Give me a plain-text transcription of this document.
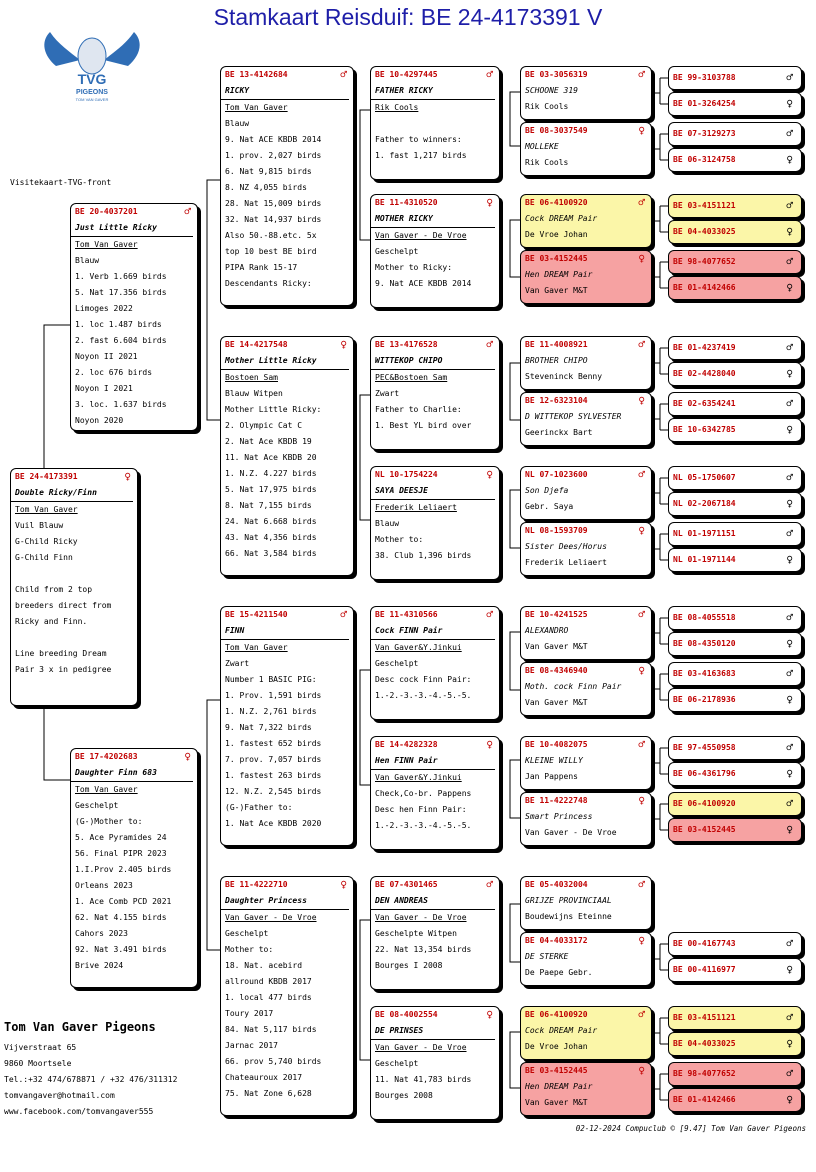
Stamkaart Reisduif: BE 24-4173391 V
TVG
PIGEONS
TOM VAN GAVER
Visitekaart-TVG-front
BE 24-4173391	♀
Double Ricky/Finn
Tom Van Gaver
Vuil Blauw
G-Child Ricky
G-Child Finn

Child from 2 top
breeders direct from
Ricky and Finn.

Line breeding Dream
Pair 3 x in pedigree
BE 20-4037201	♂
Just Little Ricky
Tom Van Gaver
Blauw
1. Verb 1.669 birds
5. Nat 17.356 birds
Limoges 2022
1. loc 1.487 birds
2. fast 6.604 birds
Noyon II 2021
2. loc 676 birds
Noyon I 2021
3. loc. 1.637 birds
Noyon 2020
BE 17-4202683	♀
Daughter Finn 683
Tom Van Gaver
Geschelpt
(G-)Mother to:
5. Ace Pyramides 24
56. Final PIPR 2023
1.I.Prov 2.405 birds
Orleans 2023
1. Ace Comb PCD 2021
62. Nat 4.155 birds
Cahors 2023
92. Nat 3.491 birds
Brive 2024
BE 13-4142684	♂
RICKY
Tom Van Gaver
Blauw
9. Nat ACE KBDB 2014
1. prov. 2,027 birds
6. Nat 9,815 birds
8. NZ 4,055 birds
28. Nat 15,009 birds
32. Nat 14,937 birds
Also 50.-88.etc. 5x
top 10 best BE bird
PIPA Rank 15-17
Descendants Ricky:
BE 14-4217548	♀
Mother Little Ricky
Bostoen Sam
Blauw Witpen
Mother Little Ricky:
2. Olympic Cat C
2. Nat Ace KBDB 19
11. Nat Ace KBDB 20
1. N.Z. 4.227 birds
5. Nat 17,975 birds
8. Nat 7,155 birds
24. Nat 6.668 birds
43. Nat 4,356 birds
66. Nat 3,584 birds
BE 15-4211540	♂
FINN
Tom Van Gaver
Zwart
Number 1 BASIC PIG:
1. Prov. 1,591 birds
1. N.Z. 2,761 birds
9. Nat 7,322 birds
1. fastest 652 birds
7. prov. 7,057 birds
1. fastest 263 birds
12. N.Z. 2,545 birds
(G-)Father to:
1. Nat Ace KBDB 2020
BE 11-4222710	♀
Daughter Princess
Van Gaver - De Vroe
Geschelpt
Mother to:
18. Nat. acebird
allround KBDB 2017
1. local 477 birds
Toury 2017
84. Nat 5,117 birds
Jarnac 2017
66. prov 5,740 birds
Chateauroux 2017
75. Nat Zone 6,628
BE 10-4297445	♂
FATHER RICKY
Rik Cools

Father to winners:
1. fast 1,217 birds
BE 11-4310520	♀
MOTHER RICKY
Van Gaver - De Vroe
Geschelpt
Mother to Ricky:
9. Nat ACE KBDB 2014
BE 13-4176528	♂
WITTEKOP CHIPO
PEC&Bostoen Sam
Zwart
Father to Charlie:
1. Best YL bird over
NL 10-1754224	♀
SAYA DEESJE
Frederik Leliaert
Blauw
Mother to:
38. Club 1,396 birds
BE 11-4310566	♂
Cock FINN Pair
Van Gaver&Y.Jinkui
Geschelpt
Desc cock Finn Pair:
1.-2.-3.-3.-4.-5.-5.
BE 14-4282328	♀
Hen FINN Pair
Van Gaver&Y.Jinkui
Check,Co-br. Pappens
Desc hen Finn Pair:
1.-2.-3.-3.-4.-5.-5.
BE 07-4301465	♂
DEN ANDREAS
Van Gaver - De Vroe
Geschelpte Witpen
22. Nat 13,354 birds
Bourges I 2008
BE 08-4002554	♀
DE PRINSES
Van Gaver - De Vroe
Geschelpt
11. Nat 41,783 birds
Bourges 2008
BE 03-3056319	♂
SCHOONE 319
Rik Cools
BE 08-3037549	♀
MOLLEKE
Rik Cools
BE 06-4100920	♂
Cock DREAM Pair
De Vroe Johan
BE 03-4152445	♀
Hen DREAM Pair
Van Gaver M&T
BE 11-4008921	♂
BROTHER CHIPO
Steveninck Benny
BE 12-6323104	♀
D WITTEKOP SYLVESTER
Geerinckx Bart
NL 07-1023600	♂
Son Djefa
Gebr. Saya
NL 08-1593709	♀
Sister Dees/Horus
Frederik Leliaert
BE 10-4241525	♂
ALEXANDRO
Van Gaver M&T
BE 08-4346940	♀
Moth. cock Finn Pair
Van Gaver M&T
BE 10-4082075	♂
KLEINE WILLY
Jan Pappens
BE 11-4222748	♀
Smart Princess
Van Gaver - De Vroe
BE 05-4032004	♂
GRIJZE PROVINCIAAL
Boudewijns Eteinne
BE 04-4033172	♀
DE STERKE
De Paepe Gebr.
BE 06-4100920	♂
Cock DREAM Pair
De Vroe Johan
BE 03-4152445	♀
Hen DREAM Pair
Van Gaver M&T
BE 99-3103788	♂
BE 01-3264254	♀
BE 07-3129273	♂
BE 06-3124758	♀
BE 03-4151121	♂
BE 04-4033025	♀
BE 98-4077652	♂
BE 01-4142466	♀
BE 01-4237419	♂
BE 02-4428040	♀
BE 02-6354241	♂
BE 10-6342785	♀
NL 05-1750607	♂
NL 02-2067184	♀
NL 01-1971151	♂
NL 01-1971144	♀
BE 08-4055518	♂
BE 08-4350120	♀
BE 03-4163683	♂
BE 06-2178936	♀
BE 97-4550958	♂
BE 06-4361796	♀
BE 06-4100920	♂
BE 03-4152445	♀
BE 00-4167743	♂
BE 00-4116977	♀
BE 03-4151121	♂
BE 04-4033025	♀
BE 98-4077652	♂
BE 01-4142466	♀
Tom Van Gaver Pigeons
Vijverstraat 65
9860 Moortsele
Tel.:+32 474/678871 / +32 476/311312
tomvangaver@hotmail.com
www.facebook.com/tomvangaver555
02-12-2024 Compuclub © [9.47] Tom Van Gaver Pigeons
